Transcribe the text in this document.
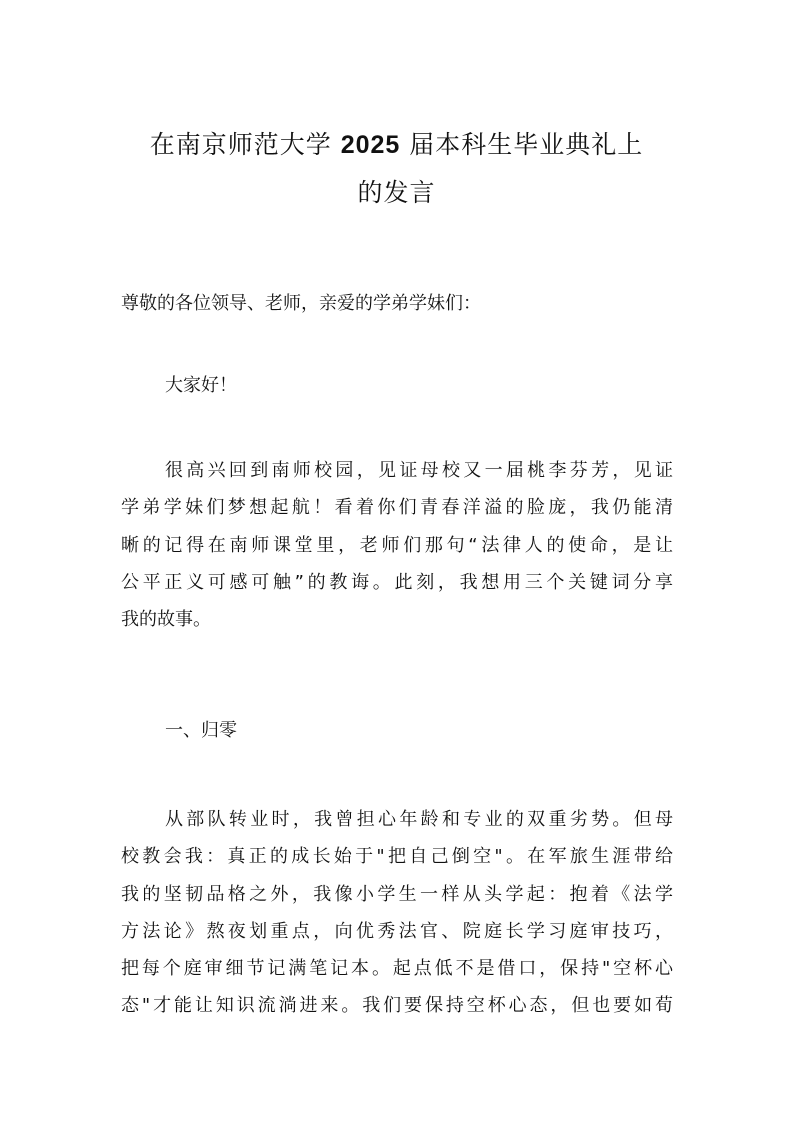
在南京师范大学 2025 届本科生毕业典礼上
的发言
尊敬的各位领导、老师，亲爱的学弟学妹们：
大家好！
很高兴回到南师校园，见证母校又一届桃李芬芳，见证
学弟学妹们梦想起航！看着你们青春洋溢的脸庞，我仍能清
晰的记得在南师课堂里，老师们那句“法律人的使命，是让
公平正义可感可触”的教诲。此刻，我想用三个关键词分享
我的故事。
一、归零
从部队转业时，我曾担心年龄和专业的双重劣势。但母
校教会我：真正的成长始于"把自己倒空"。在军旅生涯带给
我的坚韧品格之外，我像小学生一样从头学起：抱着《法学
方法论》熬夜划重点，向优秀法官、院庭长学习庭审技巧，
把每个庭审细节记满笔记本。起点低不是借口，保持"空杯心
态"才能让知识流淌进来。我们要保持空杯心态，但也要如荀
